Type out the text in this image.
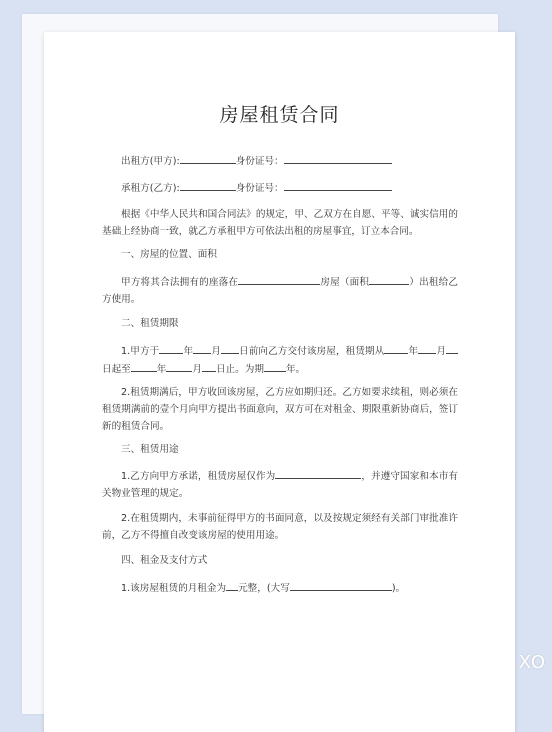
房屋租赁合同
出租方(甲方):	身份证号：
承租方(乙方):	身份证号：
根据《中华人民共和国合同法》的规定，甲、乙双方在自愿、平等、诚实信用的基础上经协商一致，就乙方承租甲方可依法出租的房屋事宜，订立本合同。
一、房屋的位置、面积
甲方将其合法拥有的座落在	房屋（面积	）出租给乙方使用。
二、租赁期限
1.甲方于	年 月 日前向乙方交付该房屋，租赁期从	年 月日起至	年	月 日止。为期 年。
2.租赁期满后，甲方收回该房屋，乙方应如期归还。乙方如要求续租，则必须在租赁期满前的壹个月向甲方提出书面意向，双方可在对租金、期限重新协商后，签订新的租赁合同。
三、租赁用途
1.乙方向甲方承诺，租赁房屋仅作为	，并遵守国家和本市有关物业管理的规定。
2.在租赁期内，未事前征得甲方的书面同意，以及按规定须经有关部门审批准许前，乙方不得擅自改变该房屋的使用用途。
四、租金及支付方式
1.该房屋租赁的月租金为 元整，(大写	)。
XO
